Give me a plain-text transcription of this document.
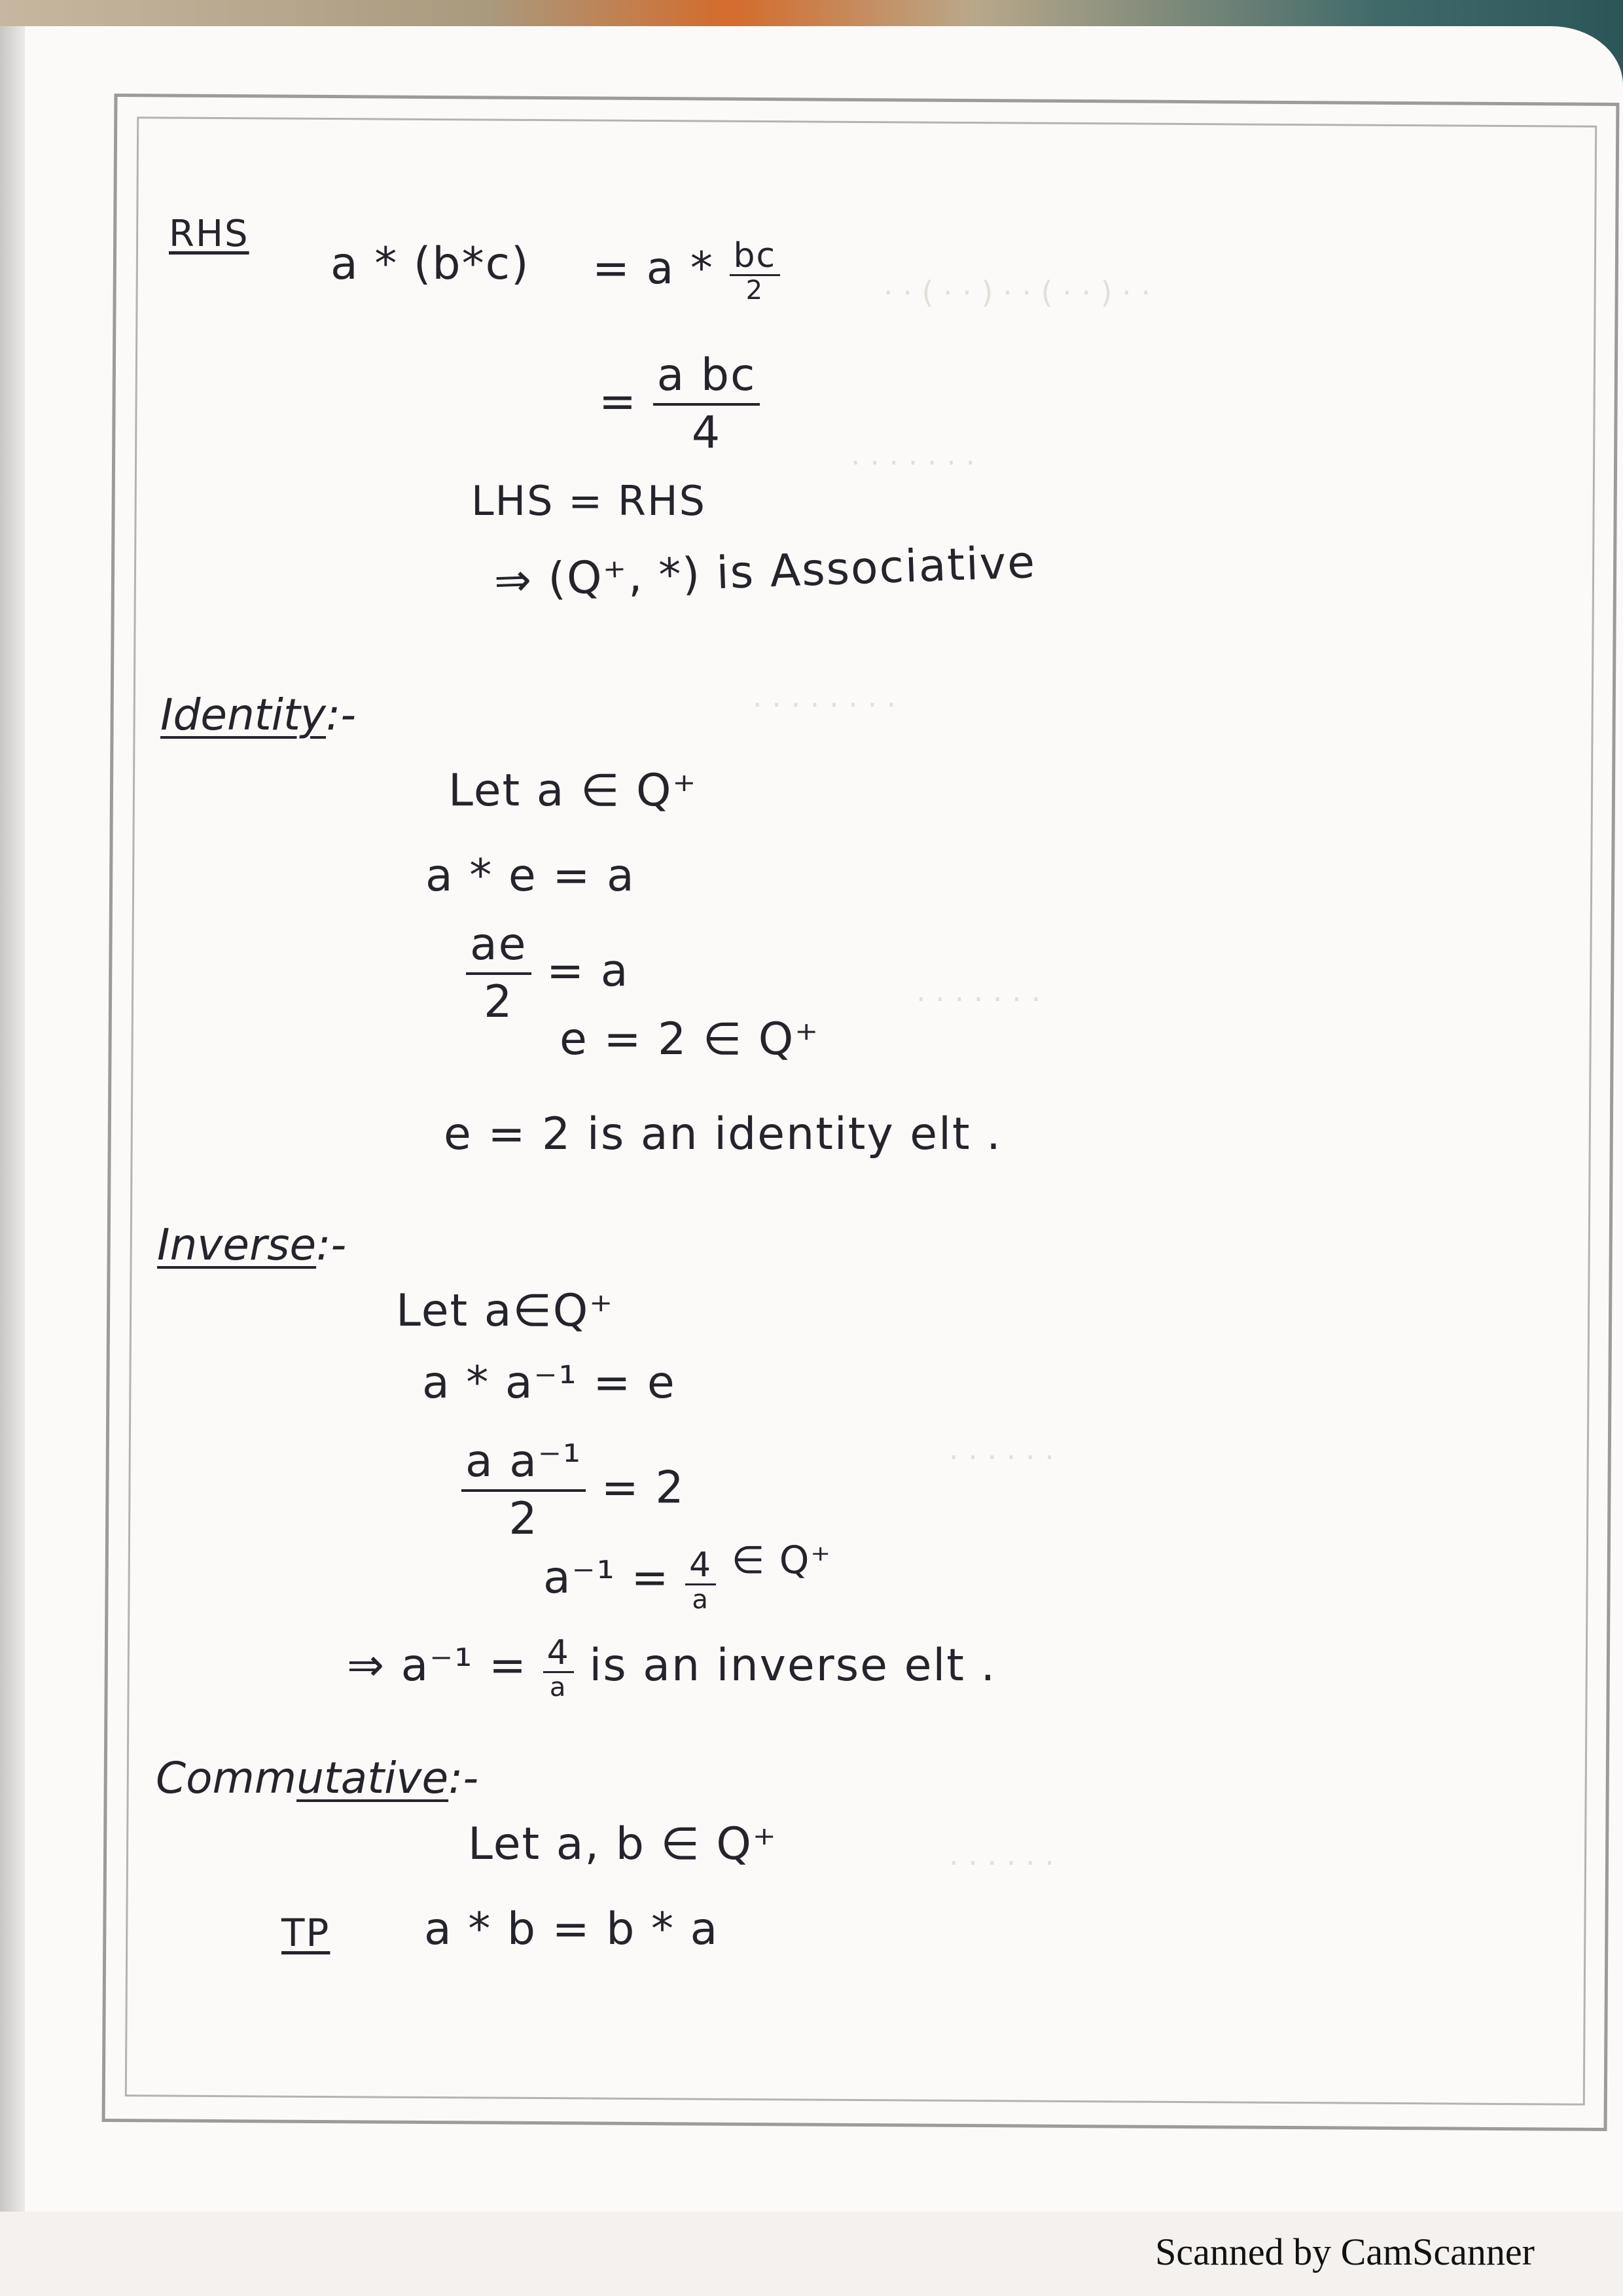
· · ( · · ) · · ( · · ) · ·
· · · · · · ·
· · · · · · · ·
· · · · · · ·
· · · · · ·
· · · · · ·
RHS
$a * (b*c) = a * \frac{bc}{2}$
= $\frac{\text{a bc}}{4}$
LHS = RHS
⇒ (Q⁺, *) is Associative
Identity:-
Let a ∈ Q⁺
a * e = a
$\frac{ae}{2} = a$
e = 2 ∈ Q⁺
e = 2 is an identity elt .
Inverse:-
Let a∈Q⁺
a * a⁻¹ = e
$\frac{\text{a a⁻¹}}{2} = 2$
$a^{-1} = \frac{4}{a}$ ∈ Q⁺
⇒ $a^{-1} = \frac{4}{a}$ is an inverse elt .
Commutative:-
Let a, b ∈ Q⁺
TP a * b = b * a
Scanned by CamScanner
